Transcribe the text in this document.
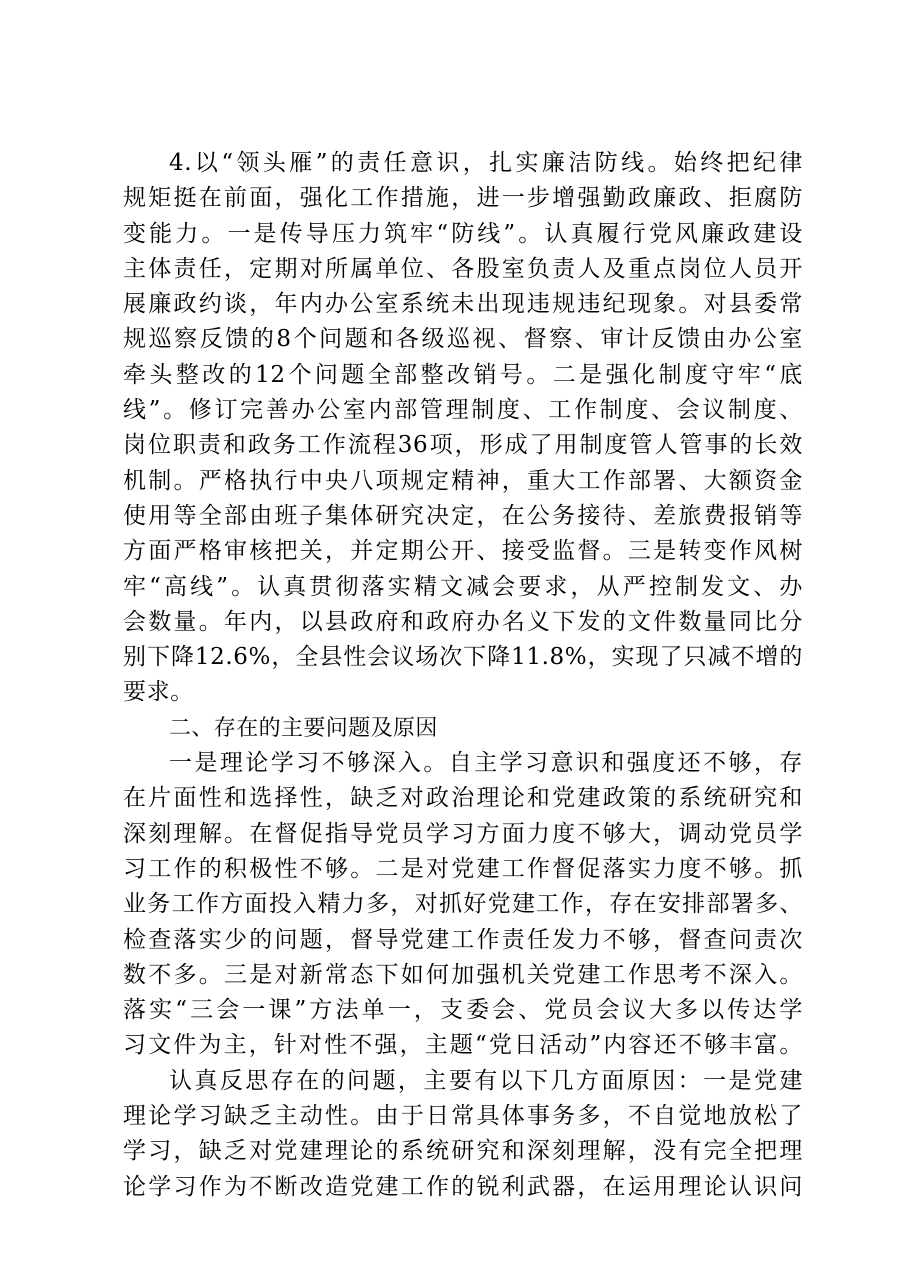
4.以“领头雁”的责任意识，扎实廉洁防线。始终把纪律
规矩挺在前面，强化工作措施，进一步增强勤政廉政、拒腐防
变能力。一是传导压力筑牢“防线”。认真履行党风廉政建设
主体责任，定期对所属单位、各股室负责人及重点岗位人员开
展廉政约谈，年内办公室系统未出现违规违纪现象。对县委常
规巡察反馈的8个问题和各级巡视、督察、审计反馈由办公室
牵头整改的12个问题全部整改销号。二是强化制度守牢“底
线”。修订完善办公室内部管理制度、工作制度、会议制度、
岗位职责和政务工作流程36项，形成了用制度管人管事的长效
机制。严格执行中央八项规定精神，重大工作部署、大额资金
使用等全部由班子集体研究决定，在公务接待、差旅费报销等
方面严格审核把关，并定期公开、接受监督。三是转变作风树
牢“高线”。认真贯彻落实精文减会要求，从严控制发文、办
会数量。年内，以县政府和政府办名义下发的文件数量同比分
别下降12.6%，全县性会议场次下降11.8%，实现了只减不增的
要求。
二、存在的主要问题及原因
一是理论学习不够深入。自主学习意识和强度还不够，存
在片面性和选择性，缺乏对政治理论和党建政策的系统研究和
深刻理解。在督促指导党员学习方面力度不够大，调动党员学
习工作的积极性不够。二是对党建工作督促落实力度不够。抓
业务工作方面投入精力多，对抓好党建工作，存在安排部署多、
检查落实少的问题，督导党建工作责任发力不够，督查问责次
数不多。三是对新常态下如何加强机关党建工作思考不深入。
落实“三会一课”方法单一，支委会、党员会议大多以传达学
习文件为主，针对性不强，主题“党日活动”内容还不够丰富。
认真反思存在的问题，主要有以下几方面原因：一是党建
理论学习缺乏主动性。由于日常具体事务多，不自觉地放松了
学习，缺乏对党建理论的系统研究和深刻理解，没有完全把理
论学习作为不断改造党建工作的锐利武器，在运用理论认识问
